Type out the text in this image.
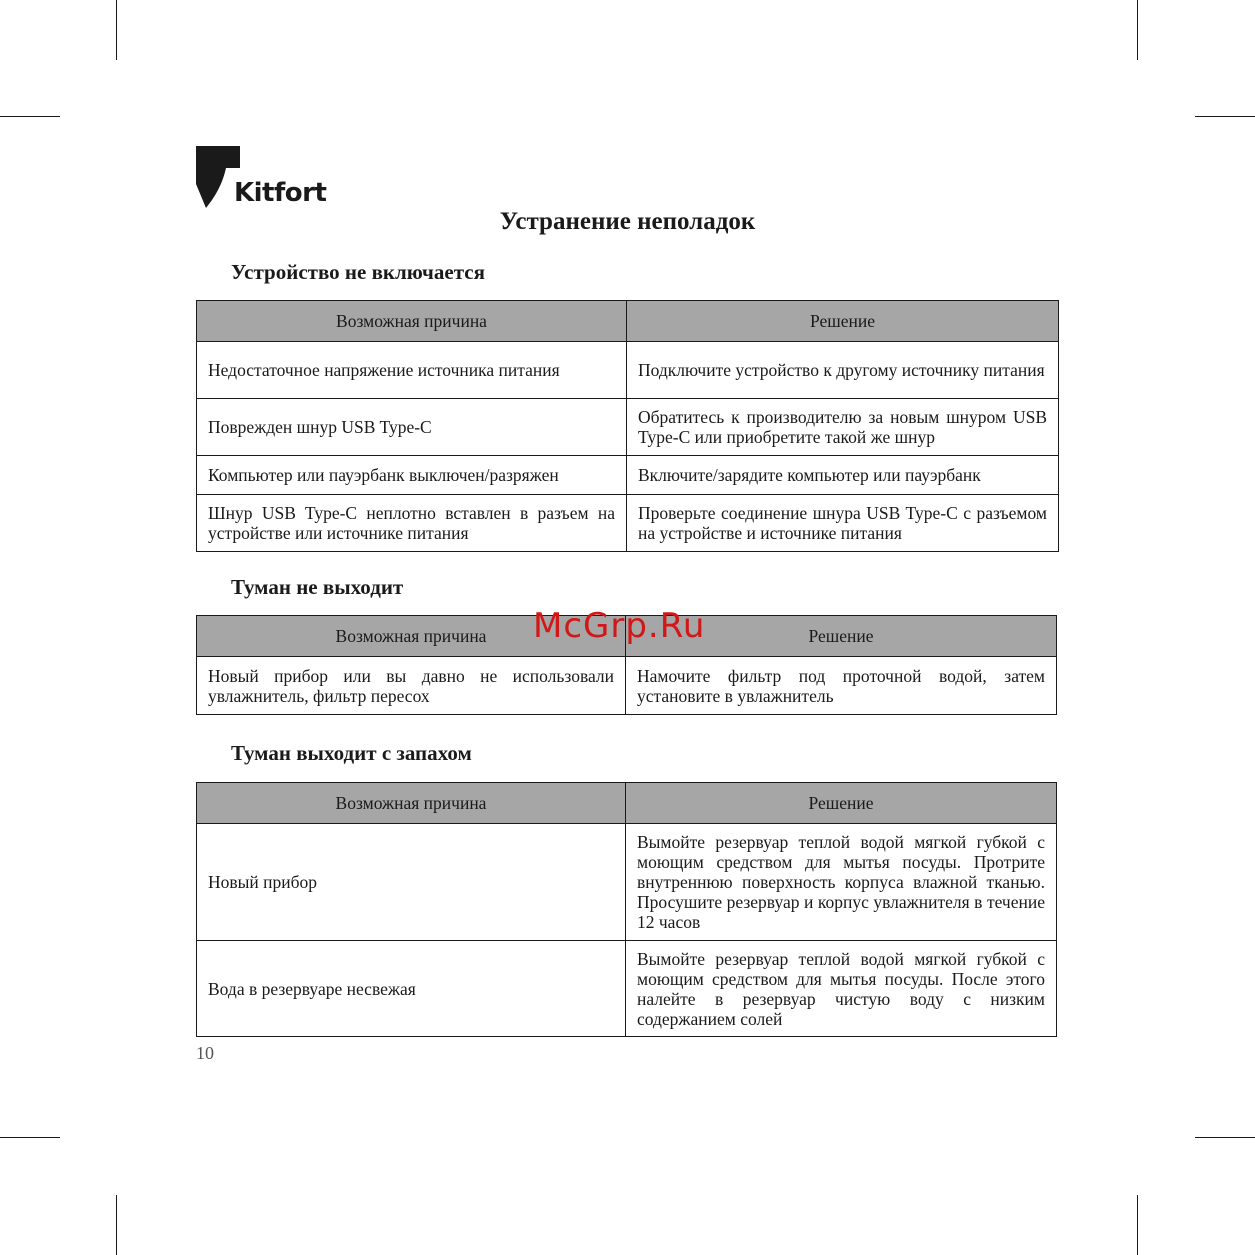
Kitfort
Устранение неполадок
Устройство не включается
Возможная причина	Решение
Недостаточное напряжение источника питания	Подключите устройство к другому источнику питания
Поврежден шнур USB Type-C	Обратитесь к производителю за новым шнуром USB Type-C или приобретите такой же шнур
Компьютер или пауэрбанк выключен/разряжен	Включите/зарядите компьютер или пауэрбанк
Шнур USB Type-C неплотно вставлен в разъем на устройстве или источнике питания	Проверьте соединение шнура USB Type-C с разъемом на устройстве и источнике питания
Туман не выходит
Возможная причина	Решение
Новый прибор или вы давно не использовали увлажнитель, фильтр пересох	Намочите фильтр под проточной водой, затем установите в увлажнитель
Туман выходит с запахом
Возможная причина	Решение
Новый прибор	Вымойте резервуар теплой водой мягкой губкой с моющим средством для мытья посуды. Протрите внутреннюю поверхность корпуса влажной тканью. Просушите резервуар и корпус увлажнителя в течение 12 часов
Вода в резервуаре несвежая	Вымойте резервуар теплой водой мягкой губкой с моющим средством для мытья посуды. После этого налейте в резервуар чистую воду с низким содержанием солей
McGrp.Ru
10
